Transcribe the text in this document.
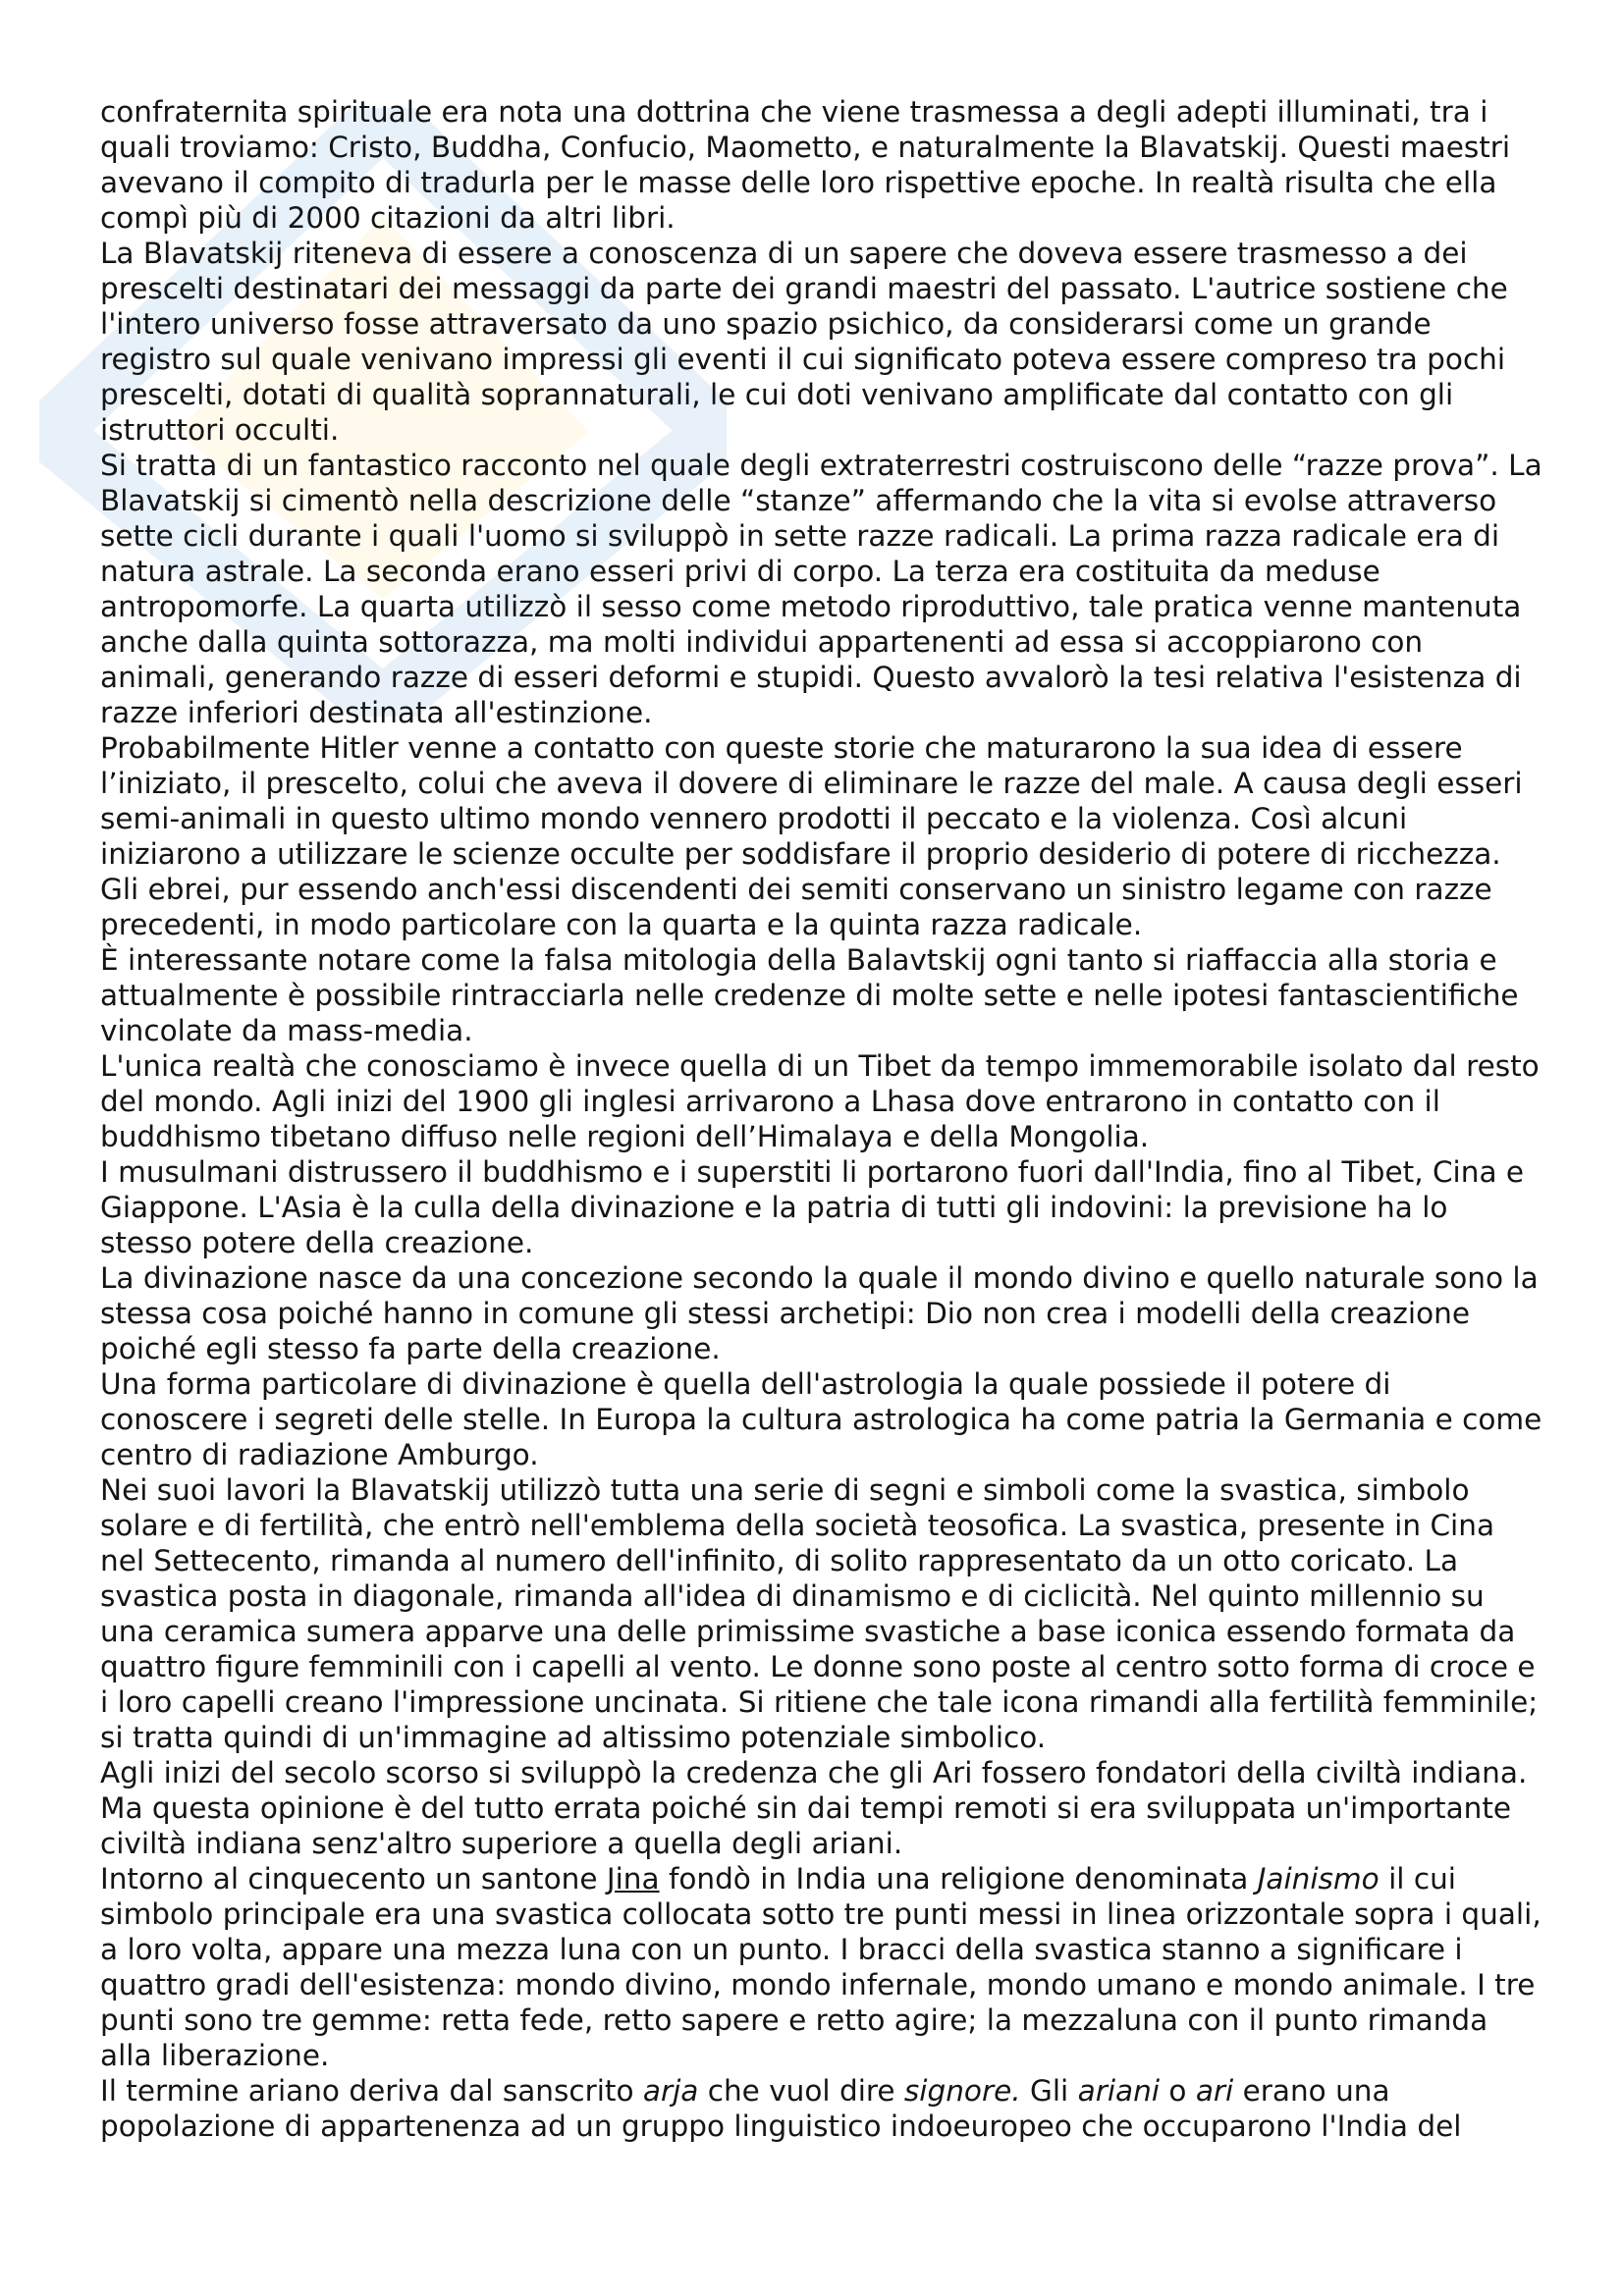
confraternita spirituale era nota una dottrina che viene trasmessa a degli adepti illuminati, tra i quali troviamo: Cristo, Buddha, Confucio, Maometto, e naturalmente la Blavatskij. Questi maestri avevano il compito di tradurla per le masse delle loro rispettive epoche. In realtà risulta che ella compì più di 2000 citazioni da altri libri.

La Blavatskij riteneva di essere a conoscenza di un sapere che doveva essere trasmesso a dei prescelti destinatari dei messaggi da parte dei grandi maestri del passato. L'autrice sostiene che l'intero universo fosse attraversato da uno spazio psichico, da considerarsi come un grande registro sul quale venivano impressi gli eventi il cui significato poteva essere compreso tra pochi prescelti, dotati di qualità soprannaturali, le cui doti venivano amplificate dal contatto con gli istruttori occulti.

Si tratta di un fantastico racconto nel quale degli extraterrestri costruiscono delle “razze prova”. La Blavatskij si cimentò nella descrizione delle “stanze” affermando che la vita si evolse attraverso sette cicli durante i quali l'uomo si sviluppò in sette razze radicali. La prima razza radicale era di natura astrale. La seconda erano esseri privi di corpo. La terza era costituita da meduse antropomorfe. La quarta utilizzò il sesso come metodo riproduttivo, tale pratica venne mantenuta anche dalla quinta sottorazza, ma molti individui appartenenti ad essa si accoppiarono con animali, generando razze di esseri deformi e stupidi. Questo avvalorò la tesi relativa l'esistenza di razze inferiori destinata all'estinzione.

Probabilmente Hitler venne a contatto con queste storie che maturarono la sua idea di essere l’iniziato, il prescelto, colui che aveva il dovere di eliminare le razze del male. A causa degli esseri semi-animali in questo ultimo mondo vennero prodotti il peccato e la violenza. Così alcuni iniziarono a utilizzare le scienze occulte per soddisfare il proprio desiderio di potere di ricchezza.

Gli ebrei, pur essendo anch'essi discendenti dei semiti conservano un sinistro legame con razze precedenti, in modo particolare con la quarta e la quinta razza radicale.

È interessante notare come la falsa mitologia della Balavtskij ogni tanto si riaffaccia alla storia e attualmente è possibile rintracciarla nelle credenze di molte sette e nelle ipotesi fantascientifiche vincolate da mass-media.

L'unica realtà che conosciamo è invece quella di un Tibet da tempo immemorabile isolato dal resto del mondo. Agli inizi del 1900 gli inglesi arrivarono a Lhasa dove entrarono in contatto con il buddhismo tibetano diffuso nelle regioni dell’Himalaya e della Mongolia.

I musulmani distrussero il buddhismo e i superstiti li portarono fuori dall'India, fino al Tibet, Cina e Giappone. L'Asia è la culla della divinazione e la patria di tutti gli indovini: la previsione ha lo stesso potere della creazione.

La divinazione nasce da una concezione secondo la quale il mondo divino e quello naturale sono la stessa cosa poiché hanno in comune gli stessi archetipi: Dio non crea i modelli della creazione poiché egli stesso fa parte della creazione.

Una forma particolare di divinazione è quella dell'astrologia la quale possiede il potere di conoscere i segreti delle stelle. In Europa la cultura astrologica ha come patria la Germania e come centro di radiazione Amburgo.

Nei suoi lavori la Blavatskij utilizzò tutta una serie di segni e simboli come la svastica, simbolo solare e di fertilità, che entrò nell'emblema della società teosofica. La svastica, presente in Cina nel Settecento, rimanda al numero dell'infinito, di solito rappresentato da un otto coricato. La svastica posta in diagonale, rimanda all'idea di dinamismo e di ciclicità. Nel quinto millennio su una ceramica sumera apparve una delle primissime svastiche a base iconica essendo formata da quattro figure femminili con i capelli al vento. Le donne sono poste al centro sotto forma di croce e i loro capelli creano l'impressione uncinata. Si ritiene che tale icona rimandi alla fertilità femminile; si tratta quindi di un'immagine ad altissimo potenziale simbolico.

Agli inizi del secolo scorso si sviluppò la credenza che gli Ari fossero fondatori della civiltà indiana. Ma questa opinione è del tutto errata poiché sin dai tempi remoti si era sviluppata un'importante civiltà indiana senz'altro superiore a quella degli ariani.

Intorno al cinquecento un santone Jina fondò in India una religione denominata Jainismo il cui simbolo principale era una svastica collocata sotto tre punti messi in linea orizzontale sopra i quali, a loro volta, appare una mezza luna con un punto. I bracci della svastica stanno a significare i quattro gradi dell'esistenza: mondo divino, mondo infernale, mondo umano e mondo animale. I tre punti sono tre gemme: retta fede, retto sapere e retto agire; la mezzaluna con il punto rimanda alla liberazione.

Il termine ariano deriva dal sanscrito arja che vuol dire signore. Gli ariani o ari erano una popolazione di appartenenza ad un gruppo linguistico indoeuropeo che occuparono l'India del
